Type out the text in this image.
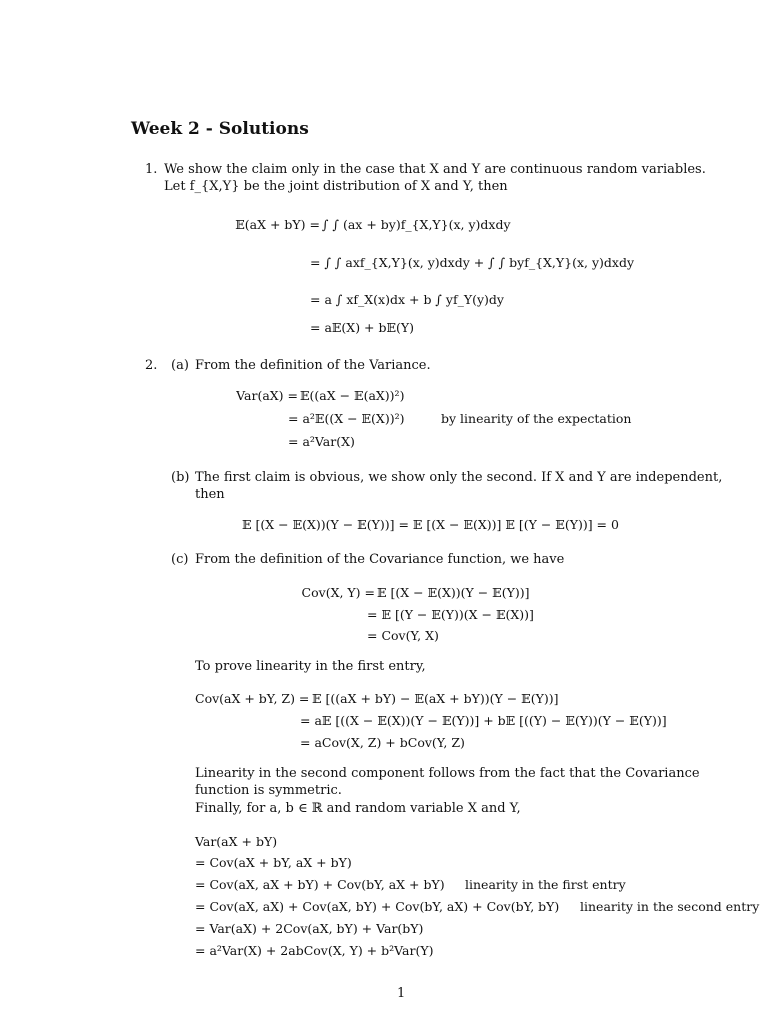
Week 2 - Solutions
1. We show the claim only in the case that X and Y are continuous random variables.
Let f_{X,Y} be the joint distribution of X and Y, then
𝔼(aX + bY) = ∫ ∫ (ax + by)f_{X,Y}(x, y)dxdy
= ∫ ∫ axf_{X,Y}(x, y)dxdy + ∫ ∫ byf_{X,Y}(x, y)dxdy
= a ∫ xf_X(x)dx + b ∫ yf_Y(y)dy
= a𝔼(X) + b𝔼(Y)
2. (a) From the definition of the Variance.
Var(aX) = 𝔼((aX − 𝔼(aX))²)
= a²𝔼((X − 𝔼(X))²)	by linearity of the expectation
= a²Var(X)
(b) The first claim is obvious, we show only the second. If X and Y are independent,
then
𝔼 [(X − 𝔼(X))(Y − 𝔼(Y))] = 𝔼 [(X − 𝔼(X))] 𝔼 [(Y − 𝔼(Y))] = 0
(c) From the definition of the Covariance function, we have
Cov(X, Y) = 𝔼 [(X − 𝔼(X))(Y − 𝔼(Y))]
= 𝔼 [(Y − 𝔼(Y))(X − 𝔼(X))]
= Cov(Y, X)
To prove linearity in the first entry,
Cov(aX + bY, Z) = 𝔼 [((aX + bY) − 𝔼(aX + bY))(Y − 𝔼(Y))]
= a𝔼 [((X − 𝔼(X))(Y − 𝔼(Y))] + b𝔼 [((Y) − 𝔼(Y))(Y − 𝔼(Y))]
= aCov(X, Z) + bCov(Y, Z)
Linearity in the second component follows from the fact that the Covariance
function is symmetric.
Finally, for a, b ∈ ℝ and random variable X and Y,
Var(aX + bY)
= Cov(aX + bY, aX + bY)
= Cov(aX, aX + bY) + Cov(bY, aX + bY) linearity in the first entry
= Cov(aX, aX) + Cov(aX, bY) + Cov(bY, aX) + Cov(bY, bY) linearity in the second entry
= Var(aX) + 2Cov(aX, bY) + Var(bY)
= a²Var(X) + 2abCov(X, Y) + b²Var(Y)
1
